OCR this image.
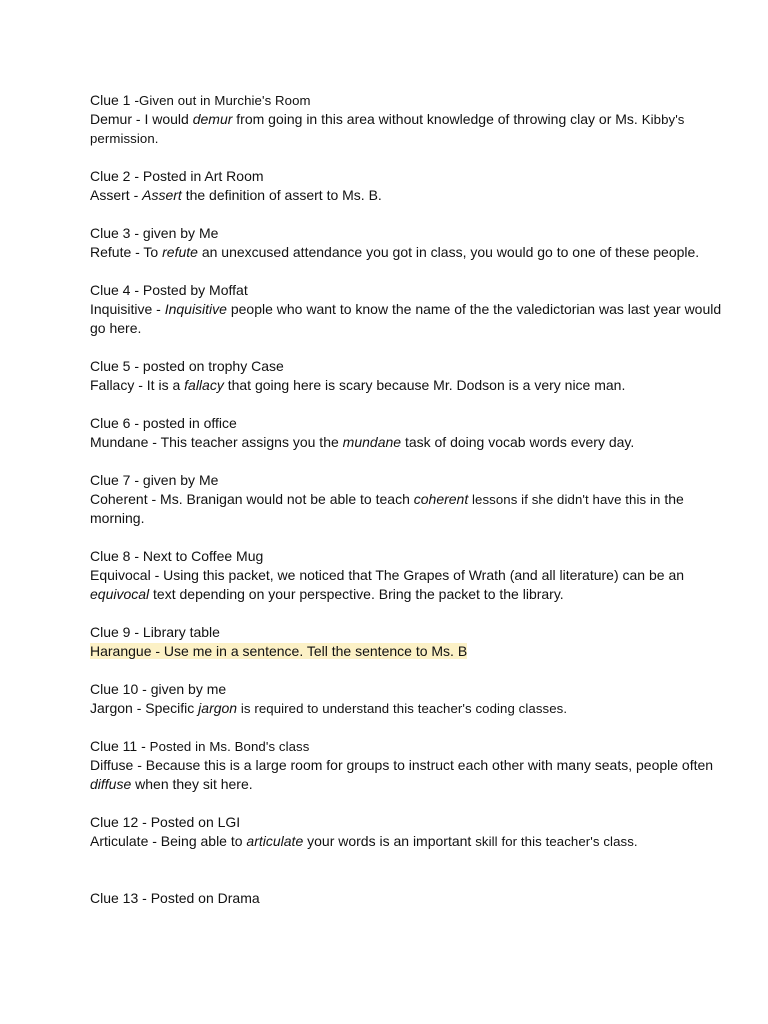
Clue 1 -Given out in Murchie's Room
Demur - I would demur from going in this area without knowledge of throwing clay or Ms. Kibby's permission.
Clue 2 - Posted in Art Room
Assert - Assert the definition of assert to Ms. B.
Clue 3 - given by Me
Refute - To refute an unexcused attendance you got in class, you would go to one of these people.
Clue 4 - Posted by Moffat
Inquisitive - Inquisitive people who want to know the name of the the valedictorian was last year would go here.
Clue 5 - posted on trophy Case
Fallacy - It is a fallacy that going here is scary because Mr. Dodson is a very nice man.
Clue 6 - posted in office
Mundane - This teacher assigns you the mundane task of doing vocab words every day.
Clue 7 - given by Me
Coherent - Ms. Branigan would not be able to teach coherent lessons if she didn't have this in the morning.
Clue 8 - Next to Coffee Mug
Equivocal - Using this packet, we noticed that The Grapes of Wrath (and all literature) can be an equivocal text depending on your perspective. Bring the packet to the library.
Clue 9 - Library table
Harangue - Use me in a sentence. Tell the sentence to Ms. B
Clue 10 - given by me
Jargon - Specific jargon is required to understand this teacher's coding classes.
Clue 11 - Posted in Ms. Bond's class
Diffuse - Because this is a large room for groups to instruct each other with many seats, people often diffuse when they sit here.
Clue 12 - Posted on LGI
Articulate - Being able to articulate your words is an important skill for this teacher's class.
Clue 13 - Posted on Drama
